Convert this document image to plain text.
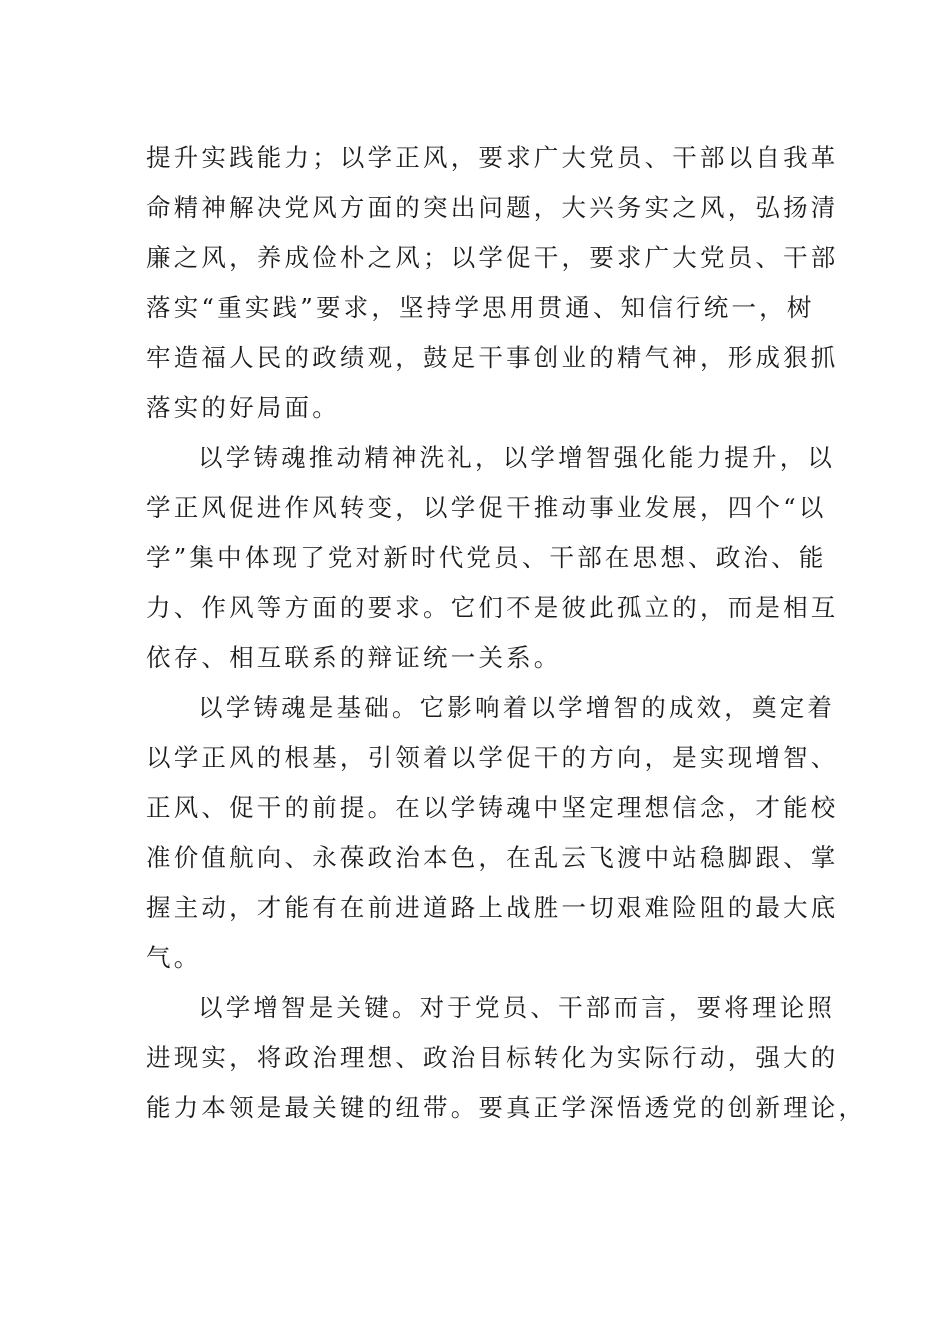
提升实践能力；以学正风，要求广大党员、干部以自我革
命精神解决党风方面的突出问题，大兴务实之风，弘扬清
廉之风，养成俭朴之风；以学促干，要求广大党员、干部
落实“重实践”要求，坚持学思用贯通、知信行统一，树
牢造福人民的政绩观，鼓足干事创业的精气神，形成狠抓
落实的好局面。
以学铸魂推动精神洗礼，以学增智强化能力提升，以
学正风促进作风转变，以学促干推动事业发展，四个“以
学”集中体现了党对新时代党员、干部在思想、政治、能
力、作风等方面的要求。它们不是彼此孤立的，而是相互
依存、相互联系的辩证统一关系。
以学铸魂是基础。它影响着以学增智的成效，奠定着
以学正风的根基，引领着以学促干的方向，是实现增智、
正风、促干的前提。在以学铸魂中坚定理想信念，才能校
准价值航向、永葆政治本色，在乱云飞渡中站稳脚跟、掌
握主动，才能有在前进道路上战胜一切艰难险阻的最大底
气。
以学增智是关键。对于党员、干部而言，要将理论照
进现实，将政治理想、政治目标转化为实际行动，强大的
能力本领是最关键的纽带。要真正学深悟透党的创新理论，
